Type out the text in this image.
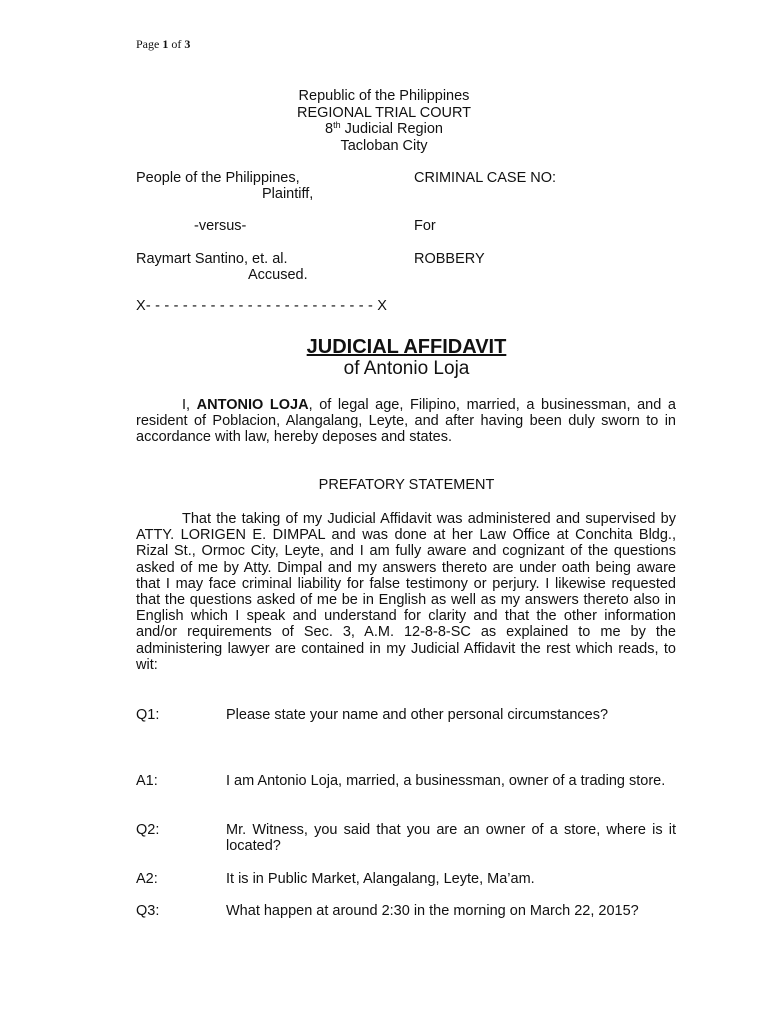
Page 1 of 3
Republic of the Philippines
REGIONAL TRIAL COURT
8th Judicial Region
Tacloban City
People of the Philippines,
Plaintiff,
-versus-
Raymart Santino, et. al.
Accused.
CRIMINAL CASE NO:
For
ROBBERY
X- - - - - - - - - - - - - - - - - - - - - - - - - X
JUDICIAL AFFIDAVIT
of Antonio Loja
I, ANTONIO LOJA, of legal age, Filipino, married, a businessman, and a resident of Poblacion, Alangalang, Leyte, and after having been duly sworn to in accordance with law, hereby deposes and states.
PREFATORY STATEMENT
That the taking of my Judicial Affidavit was administered and supervised by ATTY. LORIGEN E. DIMPAL and was done at her Law Office at Conchita Bldg., Rizal St., Ormoc City, Leyte, and I am fully aware and cognizant of the questions asked of me by Atty. Dimpal and my answers thereto are under oath being aware that I may face criminal liability for false testimony or perjury. I likewise requested that the questions asked of me be in English as well as my answers thereto also in English which I speak and understand for clarity and that the other information and/or requirements of Sec. 3, A.M. 12-8-8-SC as explained to me by the administering lawyer are contained in my Judicial Affidavit the rest which reads, to wit:
Q1:	Please state your name and other personal circumstances?
A1:	I am Antonio Loja, married, a businessman, owner of a trading store.
Q2:	Mr. Witness, you said that you are an owner of a store, where is it located?
A2:	It is in Public Market, Alangalang, Leyte, Ma’am.
Q3:	What happen at around 2:30 in the morning on March 22, 2015?
